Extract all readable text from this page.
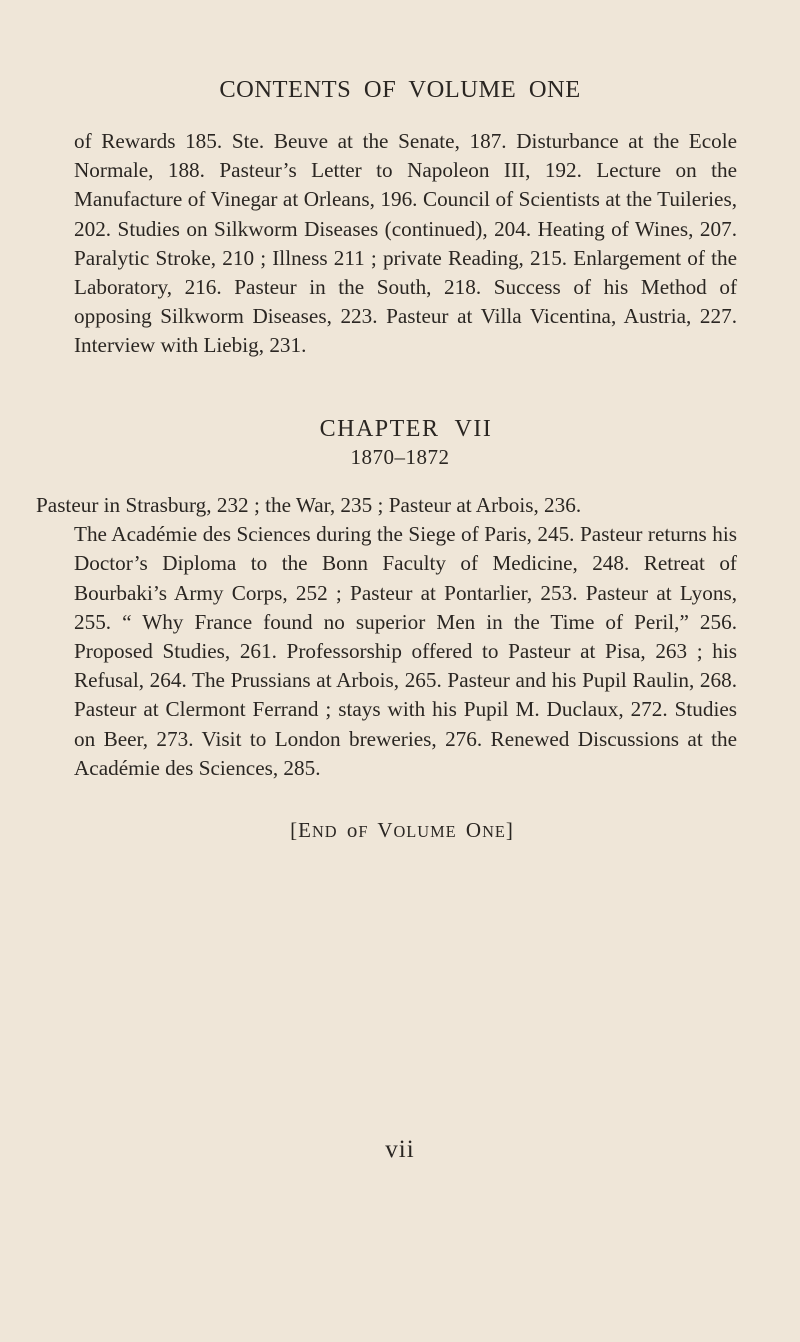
CONTENTS OF VOLUME ONE

of Rewards 185. Ste. Beuve at the Senate, 187. Disturbance at the Ecole Normale, 188. Pasteur’s Letter to Napoleon III, 192. Lecture on the Manufacture of Vinegar at Orleans, 196. Council of Scientists at the Tuileries, 202. Studies on Silkworm Diseases (continued), 204. Heating of Wines, 207. Paralytic Stroke, 210 ; Illness 211 ; private Reading, 215. Enlargement of the Laboratory, 216. Pasteur in the South, 218. Success of his Method of opposing Silkworm Diseases, 223. Pasteur at Villa Vicentina, Austria, 227. Interview with Liebig, 231.

CHAPTER VII
1870–1872
Pasteur in Strasburg, 232 ; the War, 235 ; Pasteur at Arbois, 236.
The Académie des Sciences during the Siege of Paris, 245. Pasteur returns his Doctor’s Diploma to the Bonn Faculty of Medicine, 248. Retreat of Bourbaki’s Army Corps, 252 ; Pasteur at Pontarlier, 253. Pasteur at Lyons, 255. “ Why France found no superior Men in the Time of Peril,” 256. Proposed Studies, 261. Professorship offered to Pasteur at Pisa, 263 ; his Refusal, 264. The Prussians at Arbois, 265. Pasteur and his Pupil Raulin, 268. Pasteur at Clermont Ferrand ; stays with his Pupil M. Duclaux, 272. Studies on Beer, 273. Visit to London breweries, 276. Renewed Discussions at the Académie des Sciences, 285.
[END oF VOLUME ONE]
vii
